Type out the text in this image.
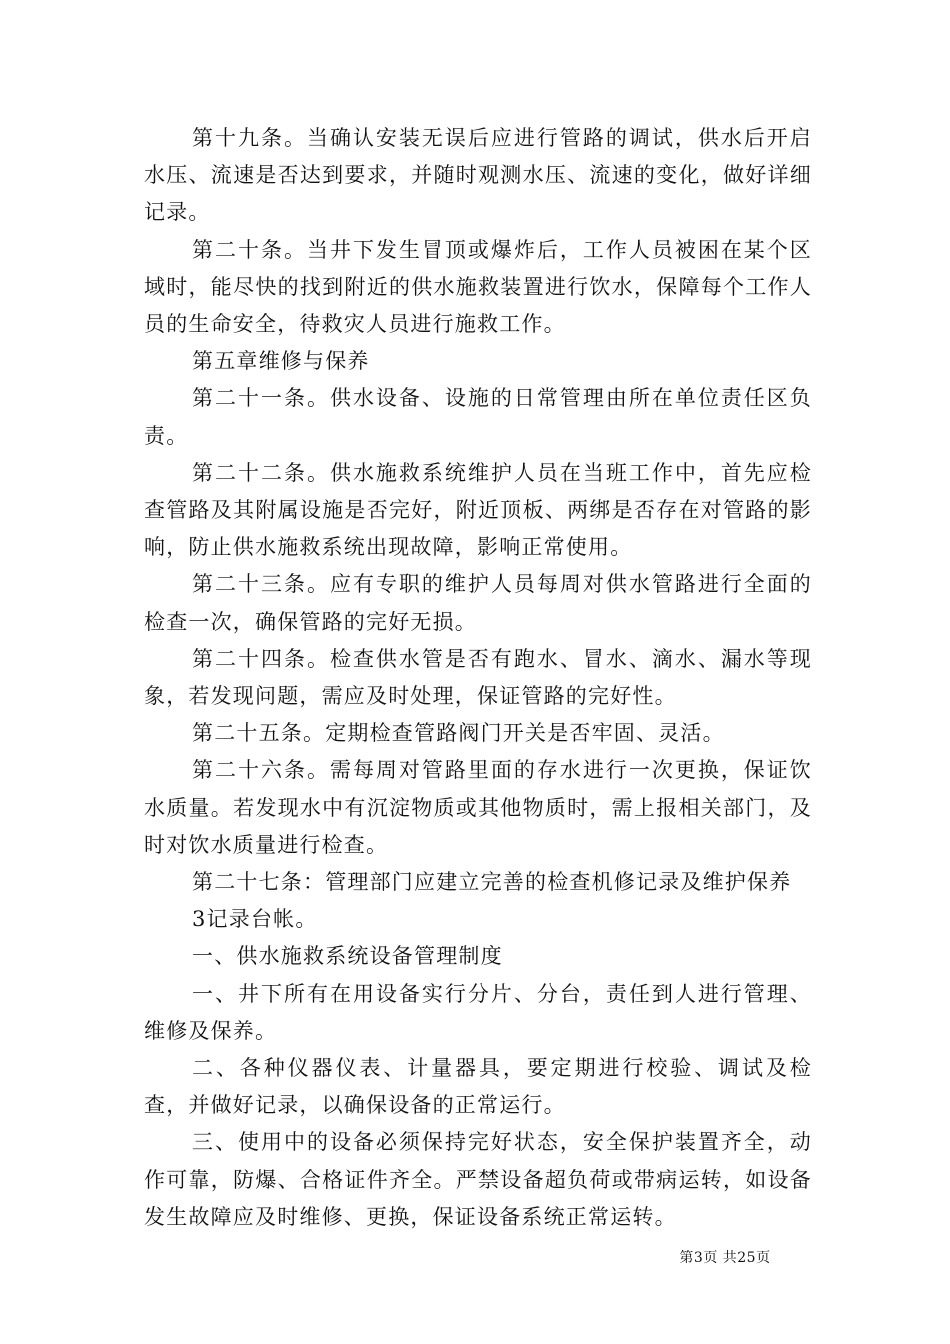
第十九条。当确认安装无误后应进行管路的调试，供水后开启水压、流速是否达到要求，并随时观测水压、流速的变化，做好详细记录。

第二十条。当井下发生冒顶或爆炸后，工作人员被困在某个区域时，能尽快的找到附近的供水施救装置进行饮水，保障每个工作人员的生命安全，待救灾人员进行施救工作。

第五章维修与保养

第二十一条。供水设备、设施的日常管理由所在单位责任区负责。

第二十二条。供水施救系统维护人员在当班工作中，首先应检查管路及其附属设施是否完好，附近顶板、两绑是否存在对管路的影响，防止供水施救系统出现故障，影响正常使用。

第二十三条。应有专职的维护人员每周对供水管路进行全面的检查一次，确保管路的完好无损。

第二十四条。检查供水管是否有跑水、冒水、滴水、漏水等现象，若发现问题，需应及时处理，保证管路的完好性。

第二十五条。定期检查管路阀门开关是否牢固、灵活。

第二十六条。需每周对管路里面的存水进行一次更换，保证饮水质量。若发现水中有沉淀物质或其他物质时，需上报相关部门，及时对饮水质量进行检查。

第二十七条：管理部门应建立完善的检查机修记录及维护保养

3记录台帐。

一、供水施救系统设备管理制度

一、井下所有在用设备实行分片、分台，责任到人进行管理、维修及保养。

二、各种仪器仪表、计量器具，要定期进行校验、调试及检查，并做好记录，以确保设备的正常运行。

三、使用中的设备必须保持完好状态，安全保护装置齐全，动作可靠，防爆、合格证件齐全。严禁设备超负荷或带病运转，如设备发生故障应及时维修、更换，保证设备系统正常运转。

第3页 共25页
